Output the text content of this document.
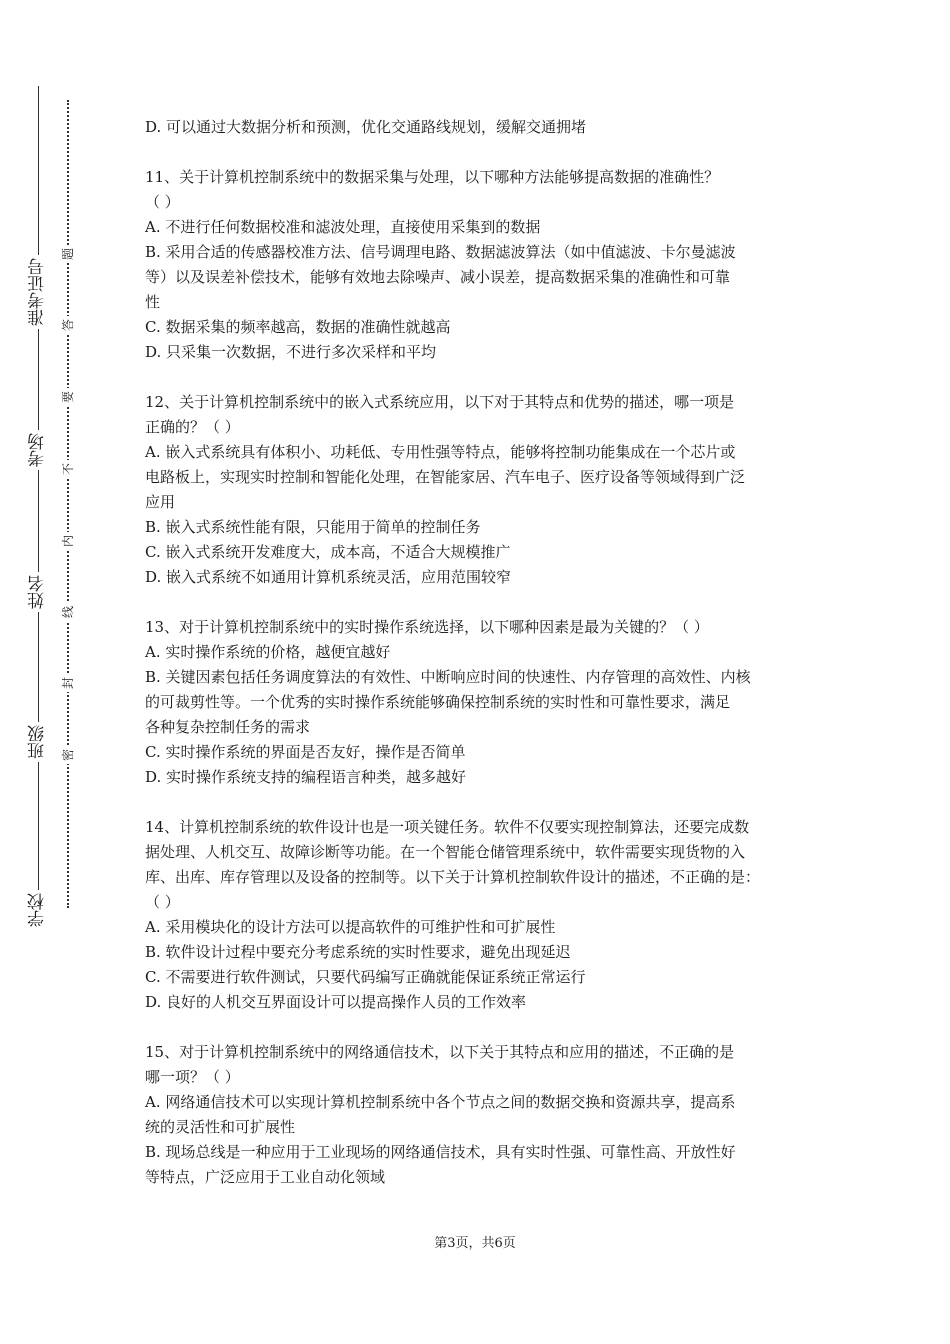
准考证号
考场
姓名
班级
学校
题
答
要
不
内
线
封
密
D. 可以通过大数据分析和预测，优化交通路线规划，缓解交通拥堵
11、关于计算机控制系统中的数据采集与处理，以下哪种方法能够提高数据的准确性？
（ ）
A. 不进行任何数据校准和滤波处理，直接使用采集到的数据
B. 采用合适的传感器校准方法、信号调理电路、数据滤波算法（如中值滤波、卡尔曼滤波
等）以及误差补偿技术，能够有效地去除噪声、减小误差，提高数据采集的准确性和可靠
性
C. 数据采集的频率越高，数据的准确性就越高
D. 只采集一次数据，不进行多次采样和平均
12、关于计算机控制系统中的嵌入式系统应用，以下对于其特点和优势的描述，哪一项是
正确的？（ ）
A. 嵌入式系统具有体积小、功耗低、专用性强等特点，能够将控制功能集成在一个芯片或
电路板上，实现实时控制和智能化处理，在智能家居、汽车电子、医疗设备等领域得到广泛
应用
B. 嵌入式系统性能有限，只能用于简单的控制任务
C. 嵌入式系统开发难度大，成本高，不适合大规模推广
D. 嵌入式系统不如通用计算机系统灵活，应用范围较窄
13、对于计算机控制系统中的实时操作系统选择，以下哪种因素是最为关键的？（ ）
A. 实时操作系统的价格，越便宜越好
B. 关键因素包括任务调度算法的有效性、中断响应时间的快速性、内存管理的高效性、内核
的可裁剪性等。一个优秀的实时操作系统能够确保控制系统的实时性和可靠性要求，满足
各种复杂控制任务的需求
C. 实时操作系统的界面是否友好，操作是否简单
D. 实时操作系统支持的编程语言种类，越多越好
14、计算机控制系统的软件设计也是一项关键任务。软件不仅要实现控制算法，还要完成数
据处理、人机交互、故障诊断等功能。在一个智能仓储管理系统中，软件需要实现货物的入
库、出库、库存管理以及设备的控制等。以下关于计算机控制软件设计的描述，不正确的是：
（ ）
A. 采用模块化的设计方法可以提高软件的可维护性和可扩展性
B. 软件设计过程中要充分考虑系统的实时性要求，避免出现延迟
C. 不需要进行软件测试，只要代码编写正确就能保证系统正常运行
D. 良好的人机交互界面设计可以提高操作人员的工作效率
15、对于计算机控制系统中的网络通信技术，以下关于其特点和应用的描述，不正确的是
哪一项？（ ）
A. 网络通信技术可以实现计算机控制系统中各个节点之间的数据交换和资源共享，提高系
统的灵活性和可扩展性
B. 现场总线是一种应用于工业现场的网络通信技术，具有实时性强、可靠性高、开放性好
等特点，广泛应用于工业自动化领域
第3页，共6页
